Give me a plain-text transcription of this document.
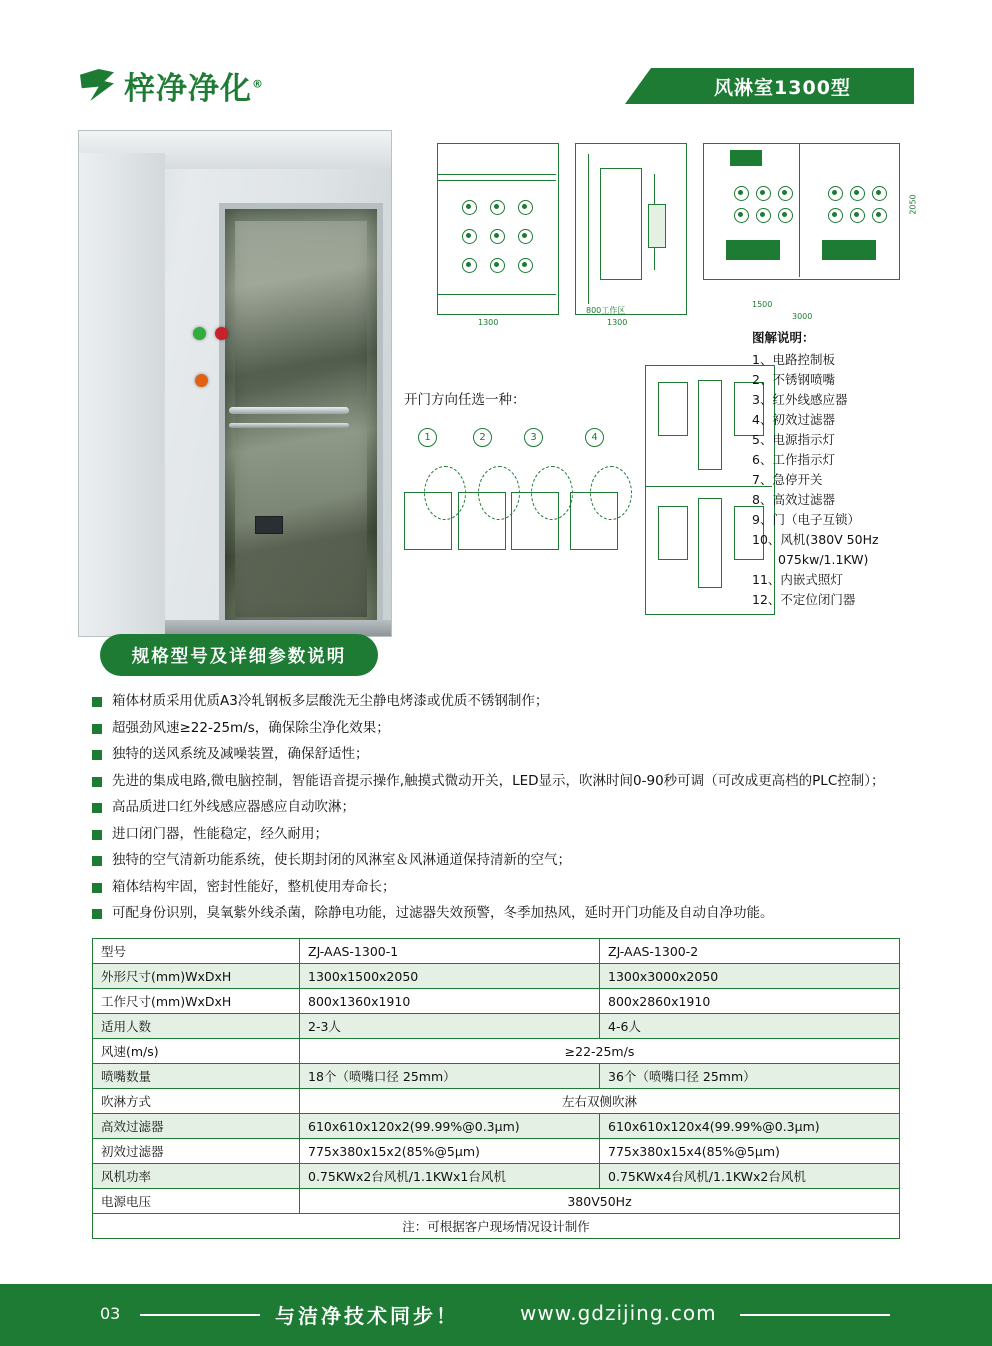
梓净净化®	风淋室1300型
1300
800工作区
1300
1500
3000
2050
图解说明：
1、电路控制板
2、不锈钢喷嘴
3、红外线感应器
4、初效过滤器
5、电源指示灯
6、工作指示灯
7、急停开关
8、高效过滤器
9、门（电子互锁）
10、风机(380V 50Hz
075kw/1.1KW)
11、内嵌式照灯
12、不定位闭门器
开门方向任选一种：
1	2	3	4
规格型号及详细参数说明
箱体材质采用优质A3冷轧钢板多层酸洗无尘静电烤漆或优质不锈钢制作；
超强劲风速≥22-25m/s，确保除尘净化效果；
独特的送风系统及减噪装置，确保舒适性；
先进的集成电路,微电脑控制，智能语音提示操作,触摸式微动开关，LED显示，吹淋时间0-90秒可调（可改成更高档的PLC控制）；
高品质进口红外线感应器感应自动吹淋；
进口闭门器，性能稳定，经久耐用；
独特的空气清新功能系统，使长期封闭的风淋室＆风淋通道保持清新的空气；
箱体结构牢固，密封性能好，整机使用寿命长；
可配身份识别，臭氧紫外线杀菌，除静电功能，过滤器失效预警，冬季加热风，延时开门功能及自动自净功能。
型号	ZJ-AAS-1300-1	ZJ-AAS-1300-2
外形尺寸(mm)WxDxH	1300x1500x2050	1300x3000x2050
工作尺寸(mm)WxDxH	800x1360x1910	800x2860x1910
适用人数	2-3人	4-6人
风速(m/s)	≥22-25m/s	
喷嘴数量	18个（喷嘴口径 25mm）	36个（喷嘴口径 25mm）
吹淋方式	左右双侧吹淋	
高效过滤器	610x610x120x2(99.99%@0.3μm)	610x610x120x4(99.99%@0.3μm)
初效过滤器	775x380x15x2(85%@5μm)	775x380x15x4(85%@5μm)
风机功率	0.75KWx2台风机/1.1KWx1台风机	0.75KWx4台风机/1.1KWx2台风机
电源电压	380V50Hz	
注：可根据客户现场情况设计制作		
03	与洁净技术同步！	www.gdzijing.com
